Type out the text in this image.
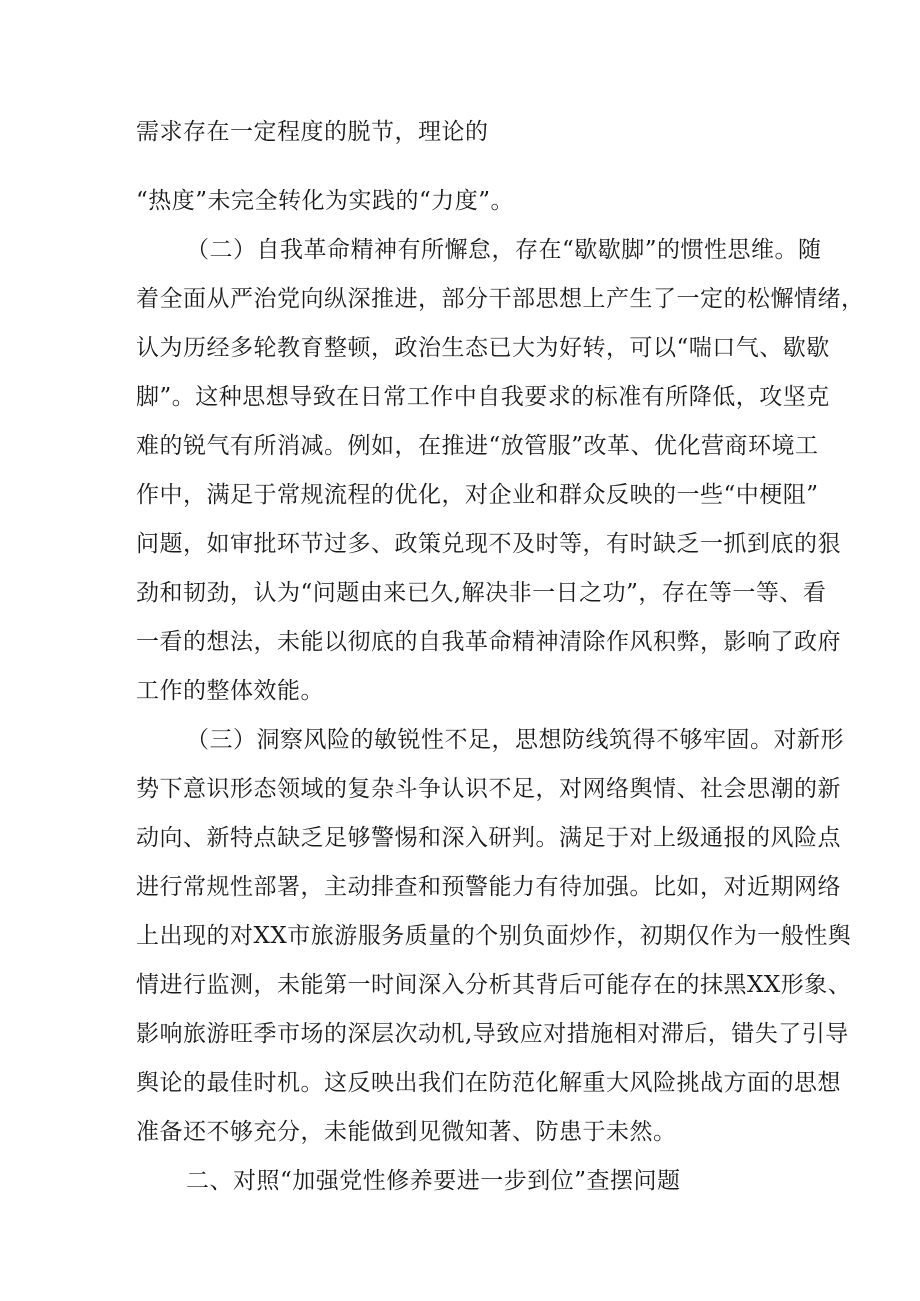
需求存在一定程度的脱节，理论的
“热度”未完全转化为实践的“力度”。
（二）自我革命精神有所懈怠，存在“歇歇脚”的惯性思维。随
着全面从严治党向纵深推进，部分干部思想上产生了一定的松懈情绪，
认为历经多轮教育整顿，政治生态已大为好转，可以“喘口气、歇歇
脚”。这种思想导致在日常工作中自我要求的标准有所降低，攻坚克
难的锐气有所消减。例如，在推进“放管服”改革、优化营商环境工
作中，满足于常规流程的优化，对企业和群众反映的一些“中梗阻”
问题，如审批环节过多、政策兑现不及时等，有时缺乏一抓到底的狠
劲和韧劲，认为“问题由来已久,解决非一日之功”，存在等一等、看
一看的想法，未能以彻底的自我革命精神清除作风积弊，影响了政府
工作的整体效能。
（三）洞察风险的敏锐性不足，思想防线筑得不够牢固。对新形
势下意识形态领域的复杂斗争认识不足，对网络舆情、社会思潮的新
动向、新特点缺乏足够警惕和深入研判。满足于对上级通报的风险点
进行常规性部署，主动排查和预警能力有待加强。比如，对近期网络
上出现的对XX市旅游服务质量的个别负面炒作，初期仅作为一般性舆
情进行监测，未能第一时间深入分析其背后可能存在的抹黑XX形象、
影响旅游旺季市场的深层次动机,导致应对措施相对滞后，错失了引导
舆论的最佳时机。这反映出我们在防范化解重大风险挑战方面的思想
准备还不够充分，未能做到见微知著、防患于未然。
二、对照“加强党性修养要进一步到位”查摆问题
